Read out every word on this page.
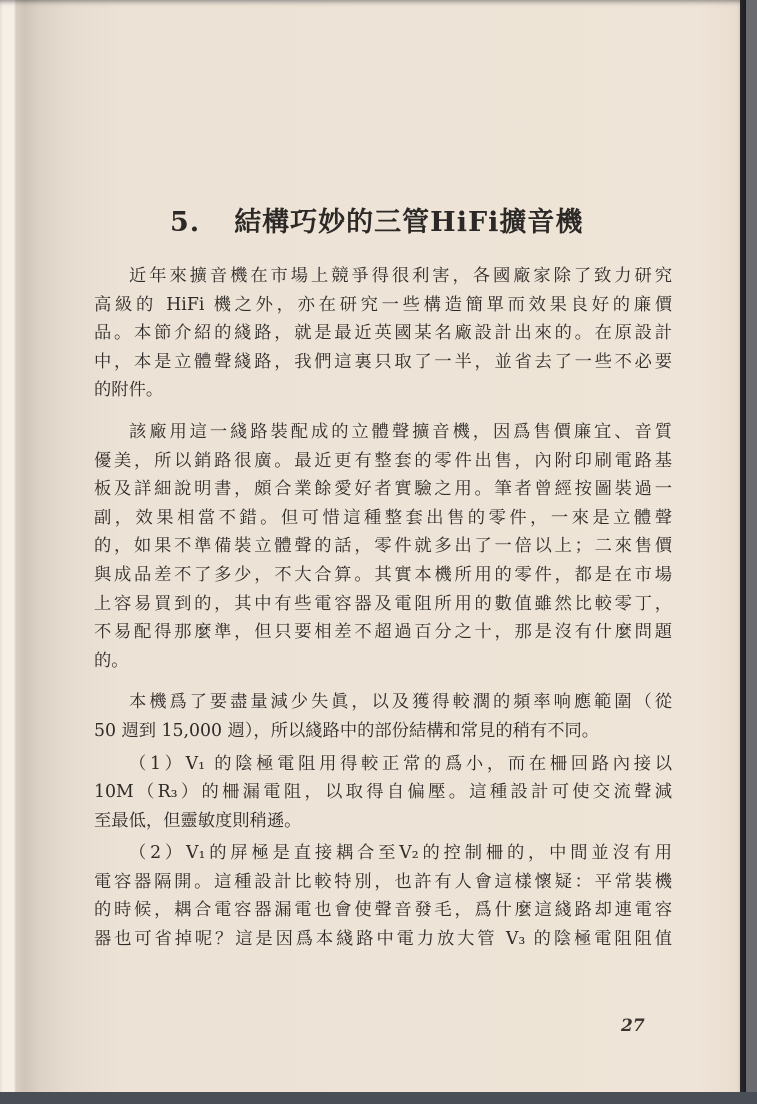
5. 結構巧妙的三管HiFi擴音機

近年來擴音機在市場上競爭得很利害，各國廠家除了致力研究
高級的 HiFi 機之外，亦在研究一些構造簡單而效果良好的廉價
品。本節介紹的綫路，就是最近英國某名廠設計出來的。在原設計
中，本是立體聲綫路，我們這裏只取了一半，並省去了一些不必要
的附件。

該廠用這一綫路裝配成的立體聲擴音機，因爲售價廉宜、音質
優美，所以銷路很廣。最近更有整套的零件出售，內附印刷電路基
板及詳細說明書，頗合業餘愛好者實驗之用。筆者曾經按圖裝過一
副，效果相當不錯。但可惜這種整套出售的零件，一來是立體聲
的，如果不準備裝立體聲的話，零件就多出了一倍以上；二來售價
與成品差不了多少，不大合算。其實本機所用的零件，都是在市場
上容易買到的，其中有些電容器及電阻所用的數值雖然比較零丁，
不易配得那麼準，但只要相差不超過百分之十，那是沒有什麼問題
的。

本機爲了要盡量減少失眞，以及獲得較濶的頻率响應範圍（從
50 週到 15,000 週），所以綫路中的部份結構和常見的稍有不同。

（1）V₁ 的陰極電阻用得較正常的爲小，而在柵回路內接以
10M（R₃）的柵漏電阻，以取得自偏壓。這種設計可使交流聲減
至最低，但靈敏度則稍遜。

（2）V₁的屏極是直接耦合至V₂的控制柵的，中間並沒有用
電容器隔開。這種設計比較特別，也許有人會這樣懷疑：平常裝機
的時候，耦合電容器漏電也會使聲音發毛，爲什麼這綫路却連電容
器也可省掉呢？這是因爲本綫路中電力放大管 V₃ 的陰極電阻阻值

27
